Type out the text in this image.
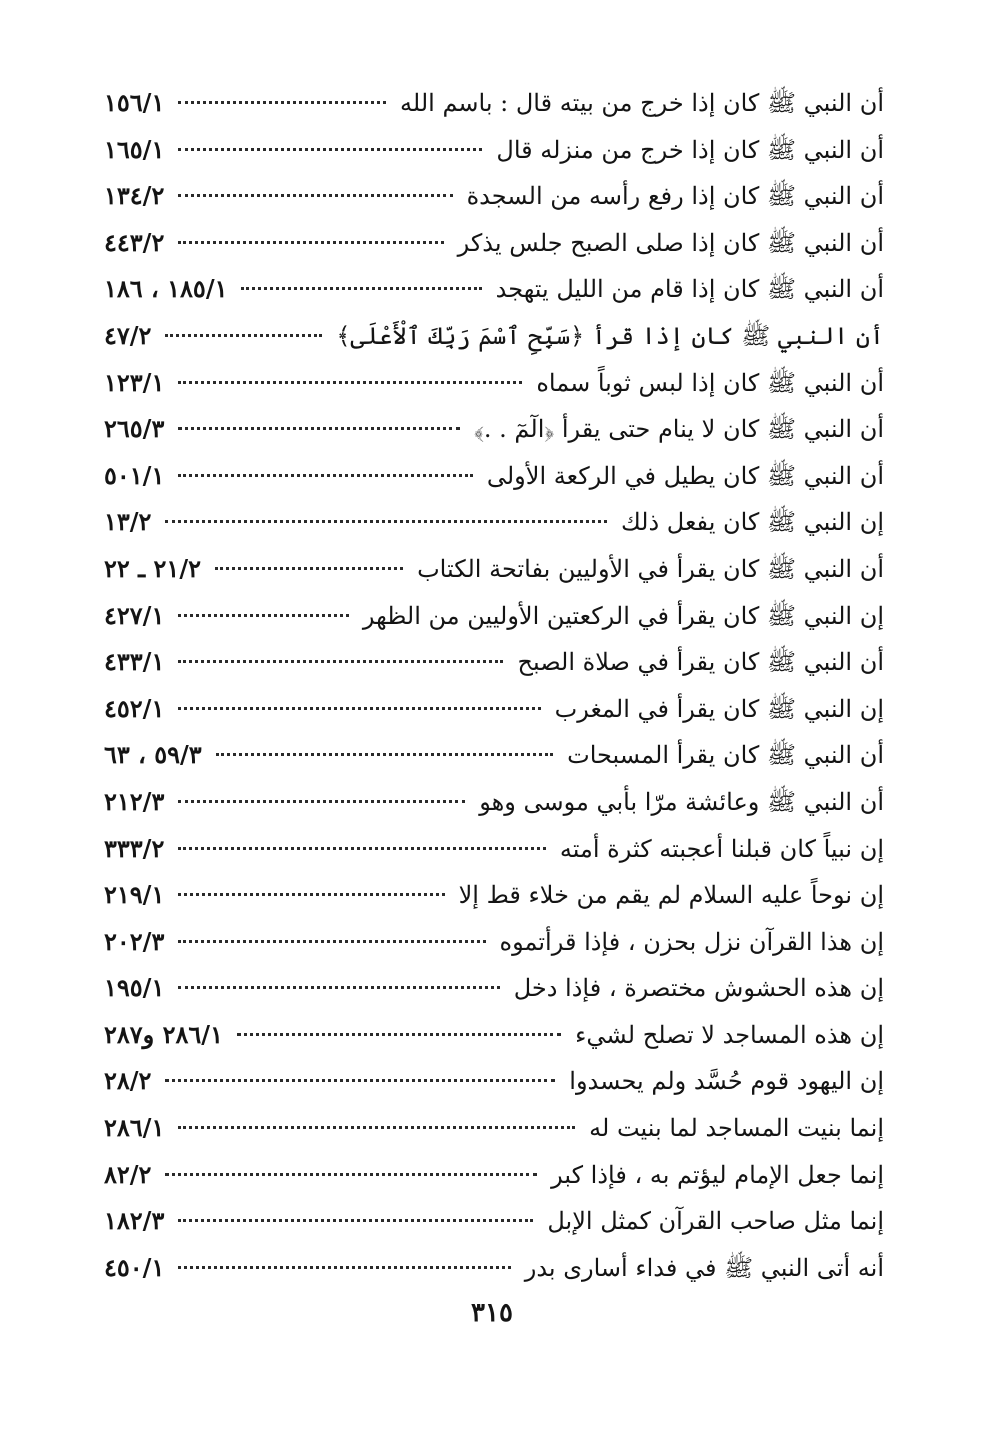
أن النبي ﷺ كان إذا خرج من بيته قال : باسم الله
١٥٦/١
أن النبي ﷺ كان إذا خرج من منزله قال
١٦٥/١
أن النبي ﷺ كان إذا رفع رأسه من السجدة
١٣٤/٢
أن النبي ﷺ كان إذا صلى الصبح جلس يذكر
٤٤٣/٢
أن النبي ﷺ كان إذا قام من الليل يتهجد
١٨٥/١ ، ١٨٦
أن النبي ﷺ كان إذا قرأ ﴿سَبِّحِ ٱسْمَ رَبِّكَ ٱلْأَعْلَى﴾
٤٧/٢
أن النبي ﷺ كان إذا لبس ثوباً سماه
١٢٣/١
أن النبي ﷺ كان لا ينام حتى يقرأ ﴿الٓمٓ . .﴾
٢٦٥/٣
أن النبي ﷺ كان يطيل في الركعة الأولى
٥٠١/١
إن النبي ﷺ كان يفعل ذلك
١٣/٢
أن النبي ﷺ كان يقرأ في الأوليين بفاتحة الكتاب
٢١/٢ ـ ٢٢
إن النبي ﷺ كان يقرأ في الركعتين الأوليين من الظهر
٤٢٧/١
أن النبي ﷺ كان يقرأ في صلاة الصبح
٤٣٣/١
إن النبي ﷺ كان يقرأ في المغرب
٤٥٢/١
أن النبي ﷺ كان يقرأ المسبحات
٥٩/٣ ، ٦٣
أن النبي ﷺ وعائشة مرّا بأبي موسى وهو
٢١٢/٣
إن نبياً كان قبلنا أعجبته كثرة أمته
٣٣٣/٢
إن نوحاً عليه السلام لم يقم من خلاء قط إلا
٢١٩/١
إن هذا القرآن نزل بحزن ، فإذا قرأتموه
٢٠٢/٣
إن هذه الحشوش مختصرة ، فإذا دخل
١٩٥/١
إن هذه المساجد لا تصلح لشيء
٢٨٦/١ و٢٨٧
إن اليهود قوم حُسَّد ولم يحسدوا
٢٨/٢
إنما بنيت المساجد لما بنيت له
٢٨٦/١
إنما جعل الإمام ليؤتم به ، فإذا كبر
٨٢/٢
إنما مثل صاحب القرآن كمثل الإبل
١٨٢/٣
أنه أتى النبي ﷺ في فداء أسارى بدر
٤٥٠/١
٣١٥
